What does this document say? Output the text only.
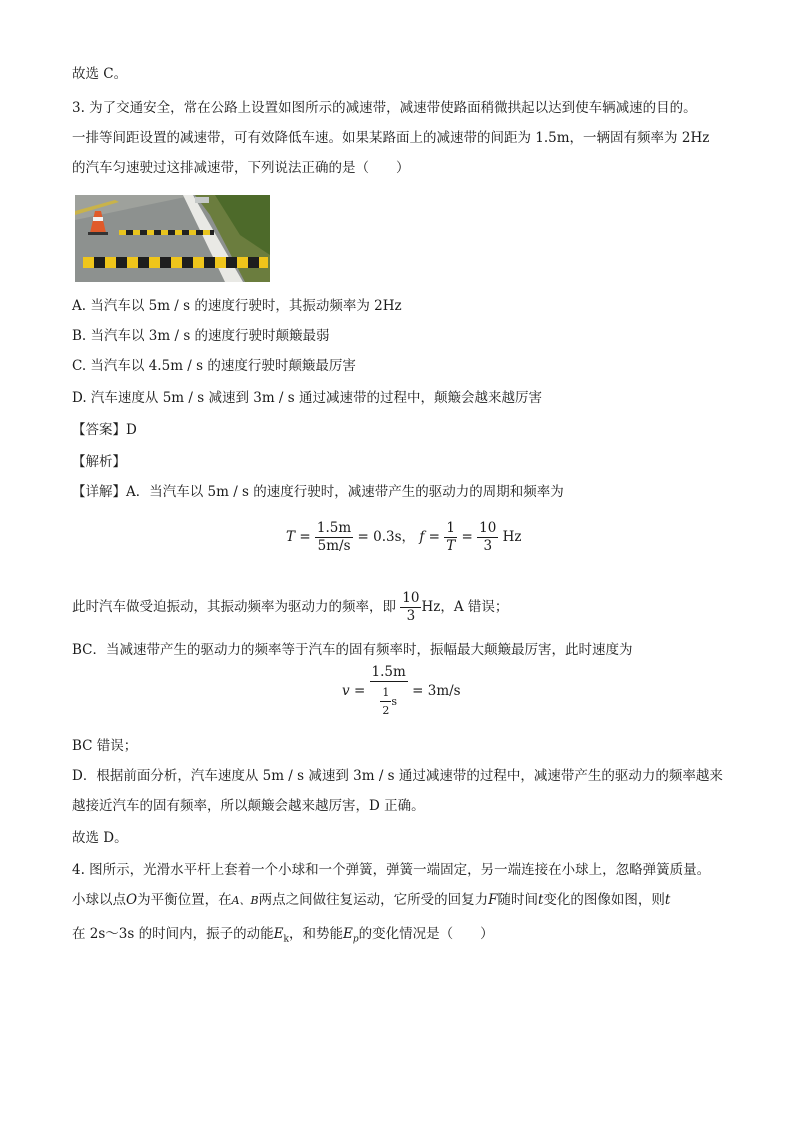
故选 C。
3. 为了交通安全，常在公路上设置如图所示的减速带，减速带使路面稍微拱起以达到使车辆减速的目的。
一排等间距设置的减速带，可有效降低车速。如果某路面上的减速带的间距为 1.5m，一辆固有频率为 2Hz
的汽车匀速驶过这排减速带，下列说法正确的是（　　）
A. 当汽车以 5m / s 的速度行驶时，其振动频率为 2Hz
B. 当汽车以 3m / s 的速度行驶时颠簸最弱
C. 当汽车以 4.5m / s 的速度行驶时颠簸最厉害
D. 汽车速度从 5m / s 减速到 3m / s 通过减速带的过程中，颠簸会越来越厉害
【答案】D
【解析】
【详解】A．当汽车以 5m / s 的速度行驶时，减速带产生的驱动力的周期和频率为
$T = \frac{1.5m}{5m/s} = 0.3s$， $f = \frac{1}{T} = \frac{10}{3}$ Hz
此时汽车做受迫振动，其振动频率为驱动力的频率，即 $\frac{10}{3}$ Hz，A 错误；
BC．当减速带产生的驱动力的频率等于汽车的固有频率时，振幅最大颠簸最厉害，此时速度为
$v = \frac{1.5m}{\frac{1}{2} s} = 3m/s$
BC 错误；
D．根据前面分析，汽车速度从 5m / s 减速到 3m / s 通过减速带的过程中，减速带产生的驱动力的频率越来
越接近汽车的固有频率，所以颠簸会越来越厉害，D 正确。
故选 D。
4. 图所示，光滑水平杆上套着一个小球和一个弹簧，弹簧一端固定，另一端连接在小球上，忽略弹簧质量。
小球以点O为平衡位置，在A、B两点之间做往复运动，它所受的回复力F随时间t变化的图像如图，则t
在 2s～3s 的时间内，振子的动能$E_k$，和势能$E_p$的变化情况是（　　）
